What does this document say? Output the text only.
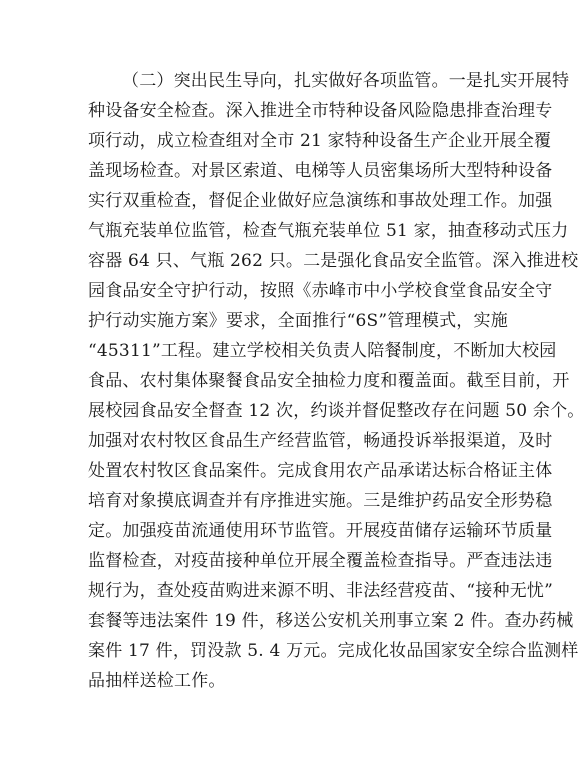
（二）突出民生导向，扎实做好各项监管。一是扎实开展特
种设备安全检查。深入推进全市特种设备风险隐患排查治理专
项行动，成立检查组对全市 21 家特种设备生产企业开展全覆
盖现场检查。对景区索道、电梯等人员密集场所大型特种设备
实行双重检查，督促企业做好应急演练和事故处理工作。加强
气瓶充装单位监管，检查气瓶充装单位 51 家，抽查移动式压力
容器 64 只、气瓶 262 只。二是强化食品安全监管。深入推进校
园食品安全守护行动，按照《赤峰市中小学校食堂食品安全守
护行动实施方案》要求，全面推行“6S”管理模式，实施
“45311”工程。建立学校相关负责人陪餐制度，不断加大校园
食品、农村集体聚餐食品安全抽检力度和覆盖面。截至目前，开
展校园食品安全督查 12 次，约谈并督促整改存在问题 50 余个。
加强对农村牧区食品生产经营监管，畅通投诉举报渠道，及时
处置农村牧区食品案件。完成食用农产品承诺达标合格证主体
培育对象摸底调查并有序推进实施。三是维护药品安全形势稳
定。加强疫苗流通使用环节监管。开展疫苗储存运输环节质量
监督检查，对疫苗接种单位开展全覆盖检查指导。严查违法违
规行为，查处疫苗购进来源不明、非法经营疫苗、“接种无忧”
套餐等违法案件 19 件，移送公安机关刑事立案 2 件。查办药械
案件 17 件，罚没款 5. 4 万元。完成化妆品国家安全综合监测样
品抽样送检工作。
